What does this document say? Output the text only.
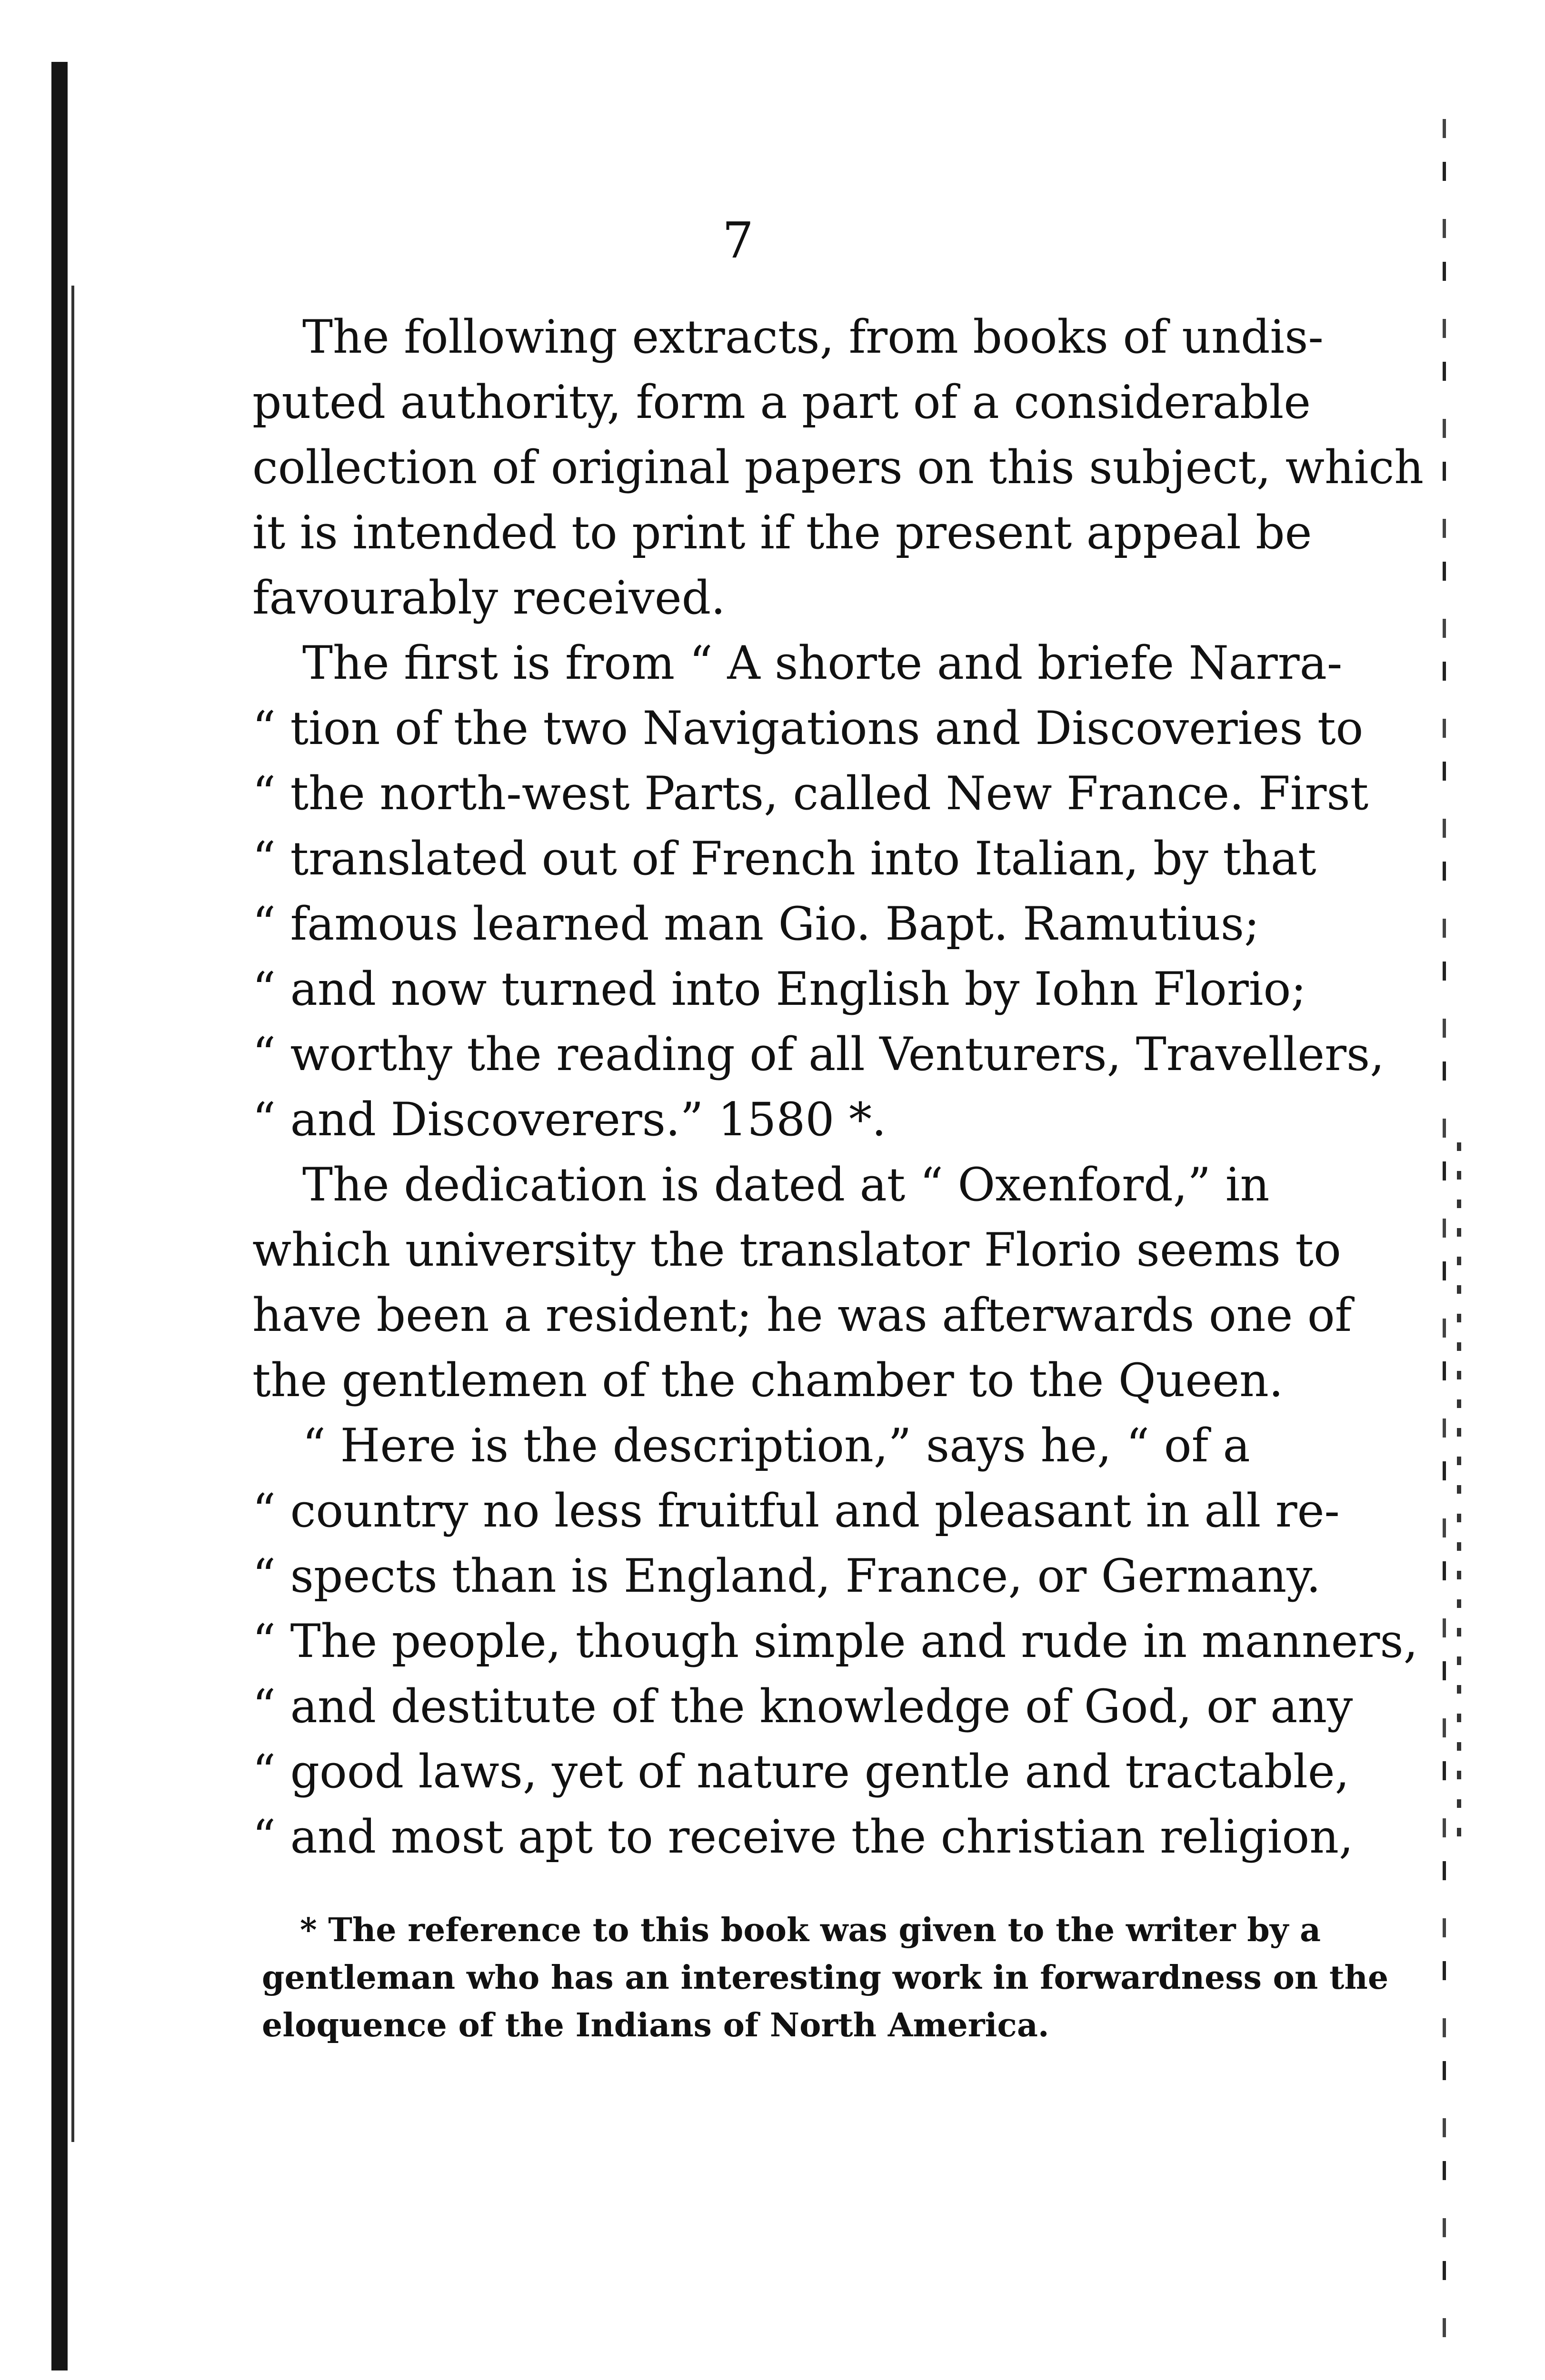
7
The following extracts, from books of undis-
puted authority, form a part of a considerable
collection of original papers on this subject, which
it is intended to print if the present appeal be
favourably received.
The first is from “ A shorte and briefe Narra-
“ tion of the two Navigations and Discoveries to
“ the north-west Parts, called New France. First
“ translated out of French into Italian, by that
“ famous learned man Gio. Bapt. Ramutius;
“ and now turned into English by Iohn Florio;
“ worthy the reading of all Venturers, Travellers,
“ and Discoverers.” 1580 *.
The dedication is dated at “ Oxenford,” in
which university the translator Florio seems to
have been a resident; he was afterwards one of
the gentlemen of the chamber to the Queen.
“ Here is the description,” says he, “ of a
“ country no less fruitful and pleasant in all re-
“ spects than is England, France, or Germany.
“ The people, though simple and rude in manners,
“ and destitute of the knowledge of God, or any
“ good laws, yet of nature gentle and tractable,
“ and most apt to receive the christian religion,
* The reference to this book was given to the writer by a
gentleman who has an interesting work in forwardness on the
eloquence of the Indians of North America.
